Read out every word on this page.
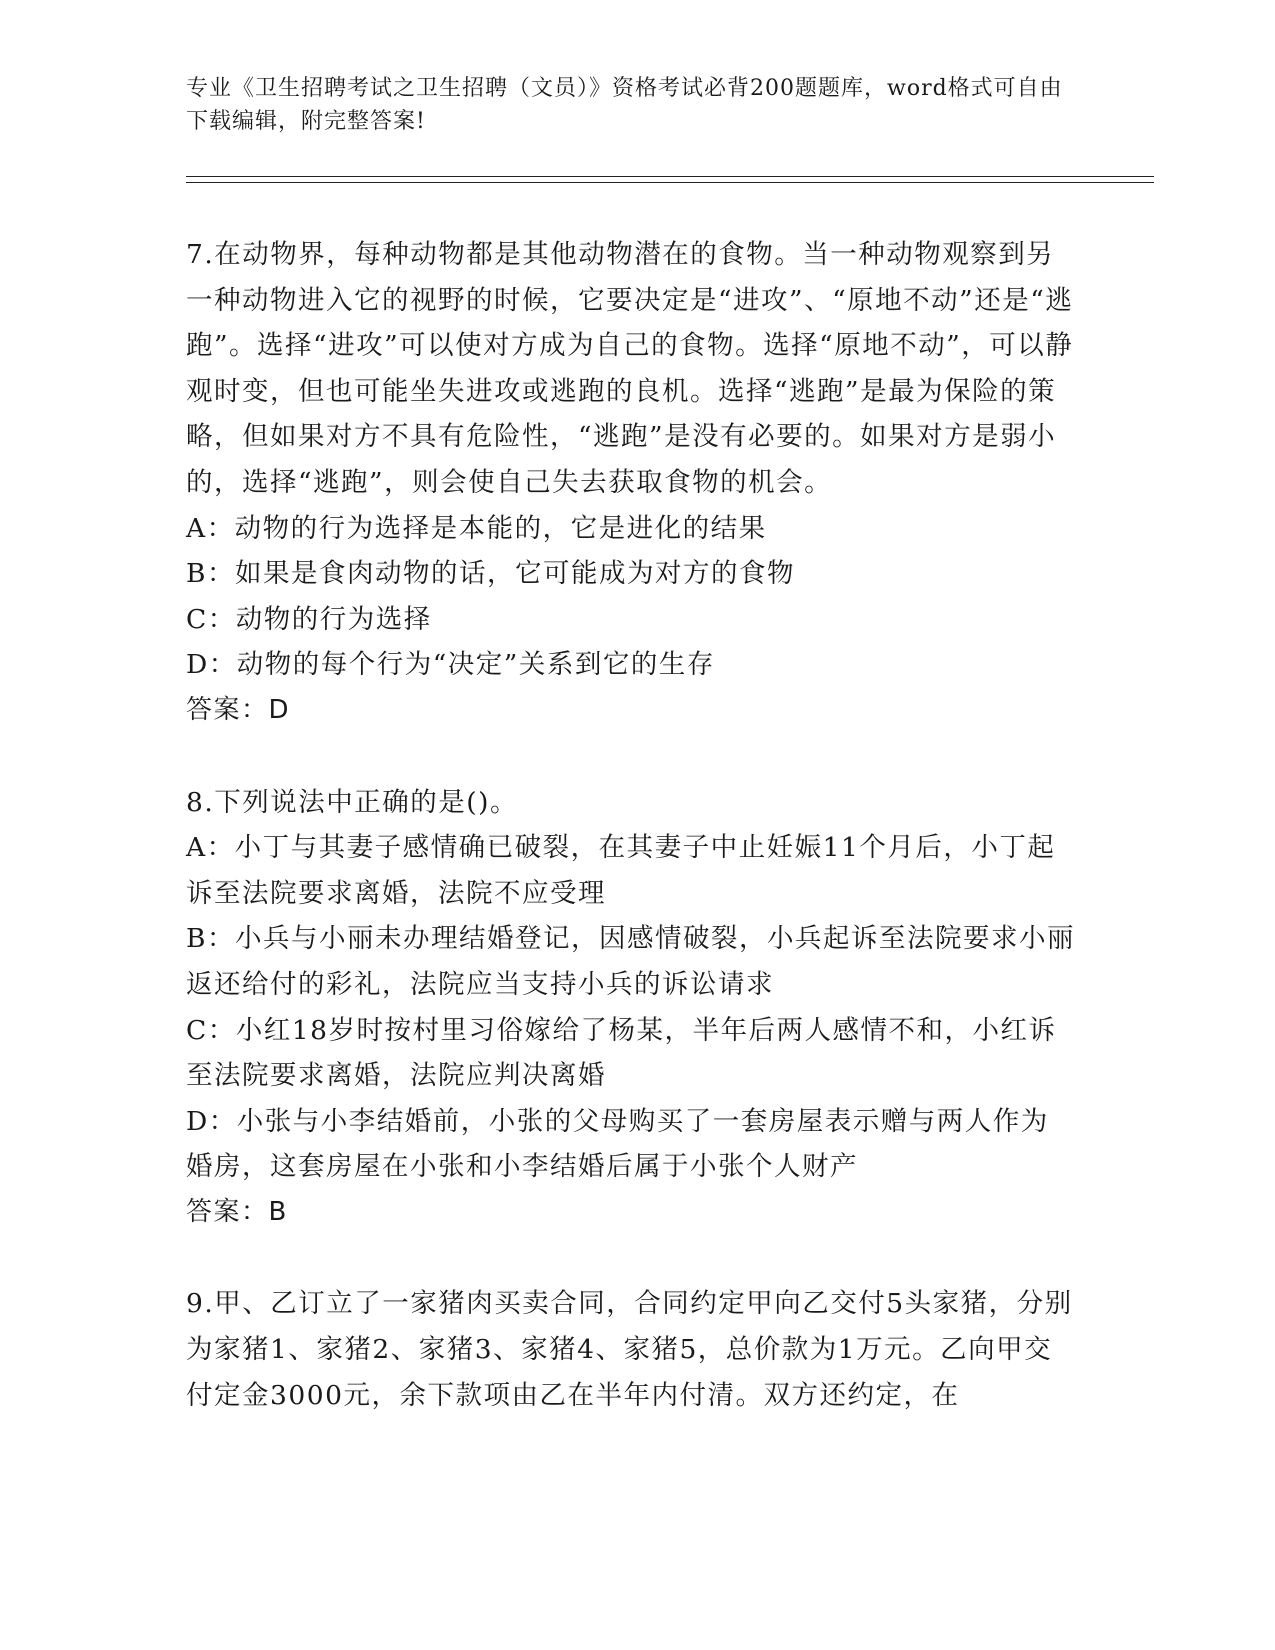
专业《卫生招聘考试之卫生招聘（文员）》资格考试必背200题题库，word格式可自由下载编辑，附完整答案!
7.在动物界，每种动物都是其他动物潜在的食物。当一种动物观察到另一种动物进入它的视野的时候，它要决定是“进攻”、“原地不动”还是“逃跑”。选择“进攻”可以使对方成为自己的食物。选择“原地不动”，可以静观时变，但也可能坐失进攻或逃跑的良机。选择“逃跑”是最为保险的策略，但如果对方不具有危险性，“逃跑”是没有必要的。如果对方是弱小的，选择“逃跑”，则会使自己失去获取食物的机会。
A：动物的行为选择是本能的，它是进化的结果
B：如果是食肉动物的话，它可能成为对方的食物
C：动物的行为选择
D：动物的每个行为“决定”关系到它的生存
答案：D
8.下列说法中正确的是()。
A：小丁与其妻子感情确已破裂，在其妻子中止妊娠11个月后，小丁起诉至法院要求离婚，法院不应受理
B：小兵与小丽未办理结婚登记，因感情破裂，小兵起诉至法院要求小丽返还给付的彩礼，法院应当支持小兵的诉讼请求
C：小红18岁时按村里习俗嫁给了杨某，半年后两人感情不和，小红诉至法院要求离婚，法院应判决离婚
D：小张与小李结婚前，小张的父母购买了一套房屋表示赠与两人作为婚房，这套房屋在小张和小李结婚后属于小张个人财产
答案：B
9.甲、乙订立了一家猪肉买卖合同，合同约定甲向乙交付5头家猪，分别为家猪1、家猪2、家猪3、家猪4、家猪5，总价款为1万元。乙向甲交付定金3000元，余下款项由乙在半年内付清。双方还约定，在
